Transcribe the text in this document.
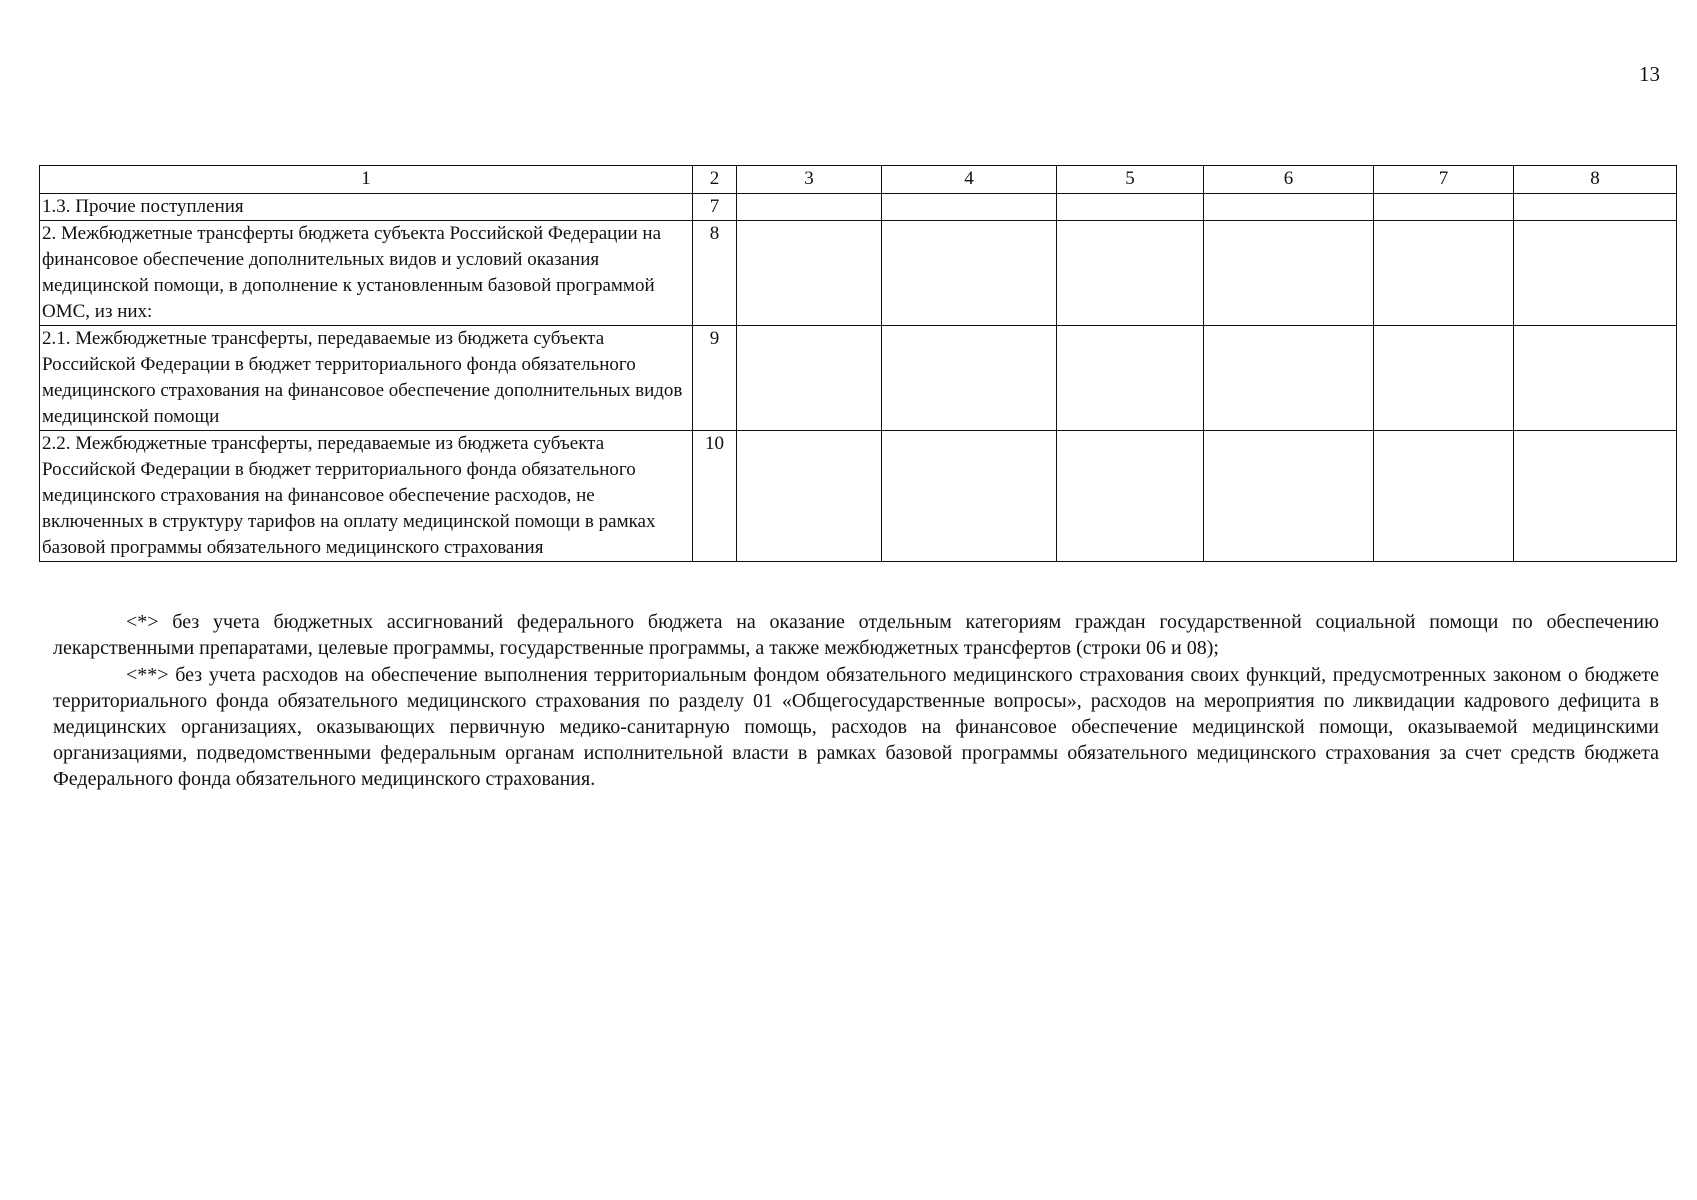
13
1	2	3	4	5	6	7	8
1.3. Прочие поступления	7						
2. Межбюджетные трансферты бюджета субъекта Российской Федерации на финансовое обеспечение дополнительных видов и условий оказания медицинской помощи, в дополнение к установленным базовой программой ОМС, из них:	8						
2.1. Межбюджетные трансферты, передаваемые из бюджета субъекта Российской Федерации в бюджет территориального фонда обязательного медицинского страхования на финансовое обеспечение дополнительных видов медицинской помощи	9						
2.2. Межбюджетные трансферты, передаваемые из бюджета субъекта Российской Федерации в бюджет территориального фонда обязательного медицинского страхования на финансовое обеспечение расходов, не включенных в структуру тарифов на оплату медицинской помощи в рамках базовой программы обязательного медицинского страхования	10						

<*> без учета бюджетных ассигнований федерального бюджета на оказание отдельным категориям граждан государственной социальной помощи по обеспечению лекарственными препаратами, целевые программы, государственные программы, а также межбюджетных трансфертов (строки 06 и 08);

<**> без учета расходов на обеспечение выполнения территориальным фондом обязательного медицинского страхования своих функций, предусмотренных законом о бюджете территориального фонда обязательного медицинского страхования по разделу 01 «Общегосударственные вопросы», расходов на мероприятия по ликвидации кадрового дефицита в медицинских организациях, оказывающих первичную медико-санитарную помощь, расходов на финансовое обеспечение медицинской помощи, оказываемой медицинскими организациями, подведомственными федеральным органам исполнительной власти в рамках базовой программы обязательного медицинского страхования за счет средств бюджета Федерального фонда обязательного медицинского страхования.
